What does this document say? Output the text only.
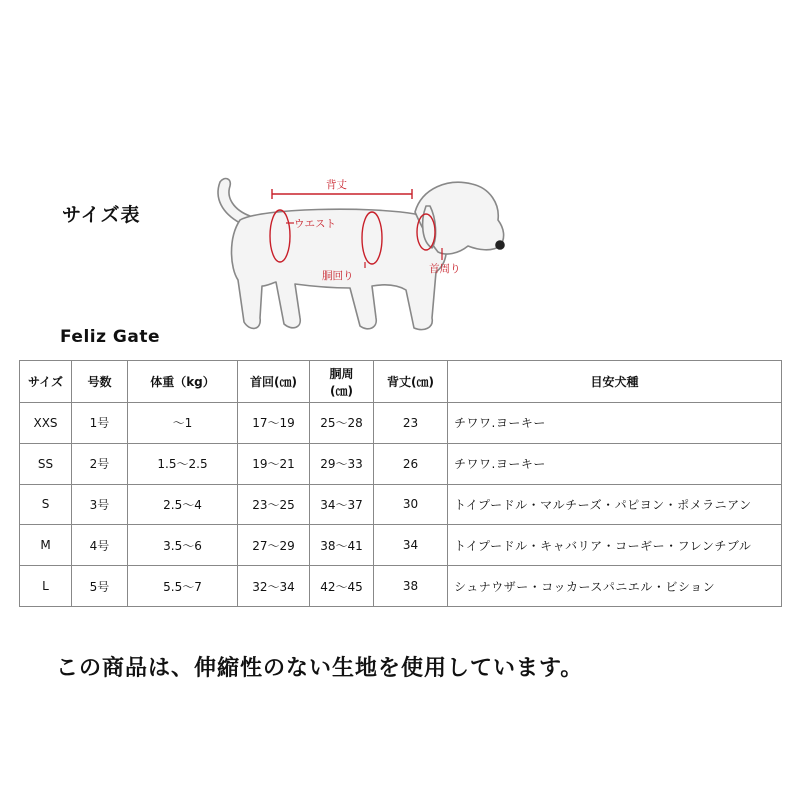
サイズ表
背丈
ウエスト
胴回り
首周り
Feliz Gate
サイズ	号数	体重（kg）	首回(㎝)	胴周
(㎝)	背丈(㎝)	目安犬種
XXS	1号	～1	17～19	25～28	23	チワワ.ヨーキー
SS	2号	1.5～2.5	19～21	29～33	26	チワワ.ヨーキー
S	3号	2.5～4	23～25	34～37	30	トイプードル・マルチーズ・パピヨン・ポメラニアン
M	4号	3.5～6	27～29	38～41	34	トイプードル・キャバリア・コーギー・フレンチブル
L	5号	5.5～7	32～34	42～45	38	シュナウザー・コッカースパニエル・ビション
この商品は、伸縮性のない生地を使用しています。
